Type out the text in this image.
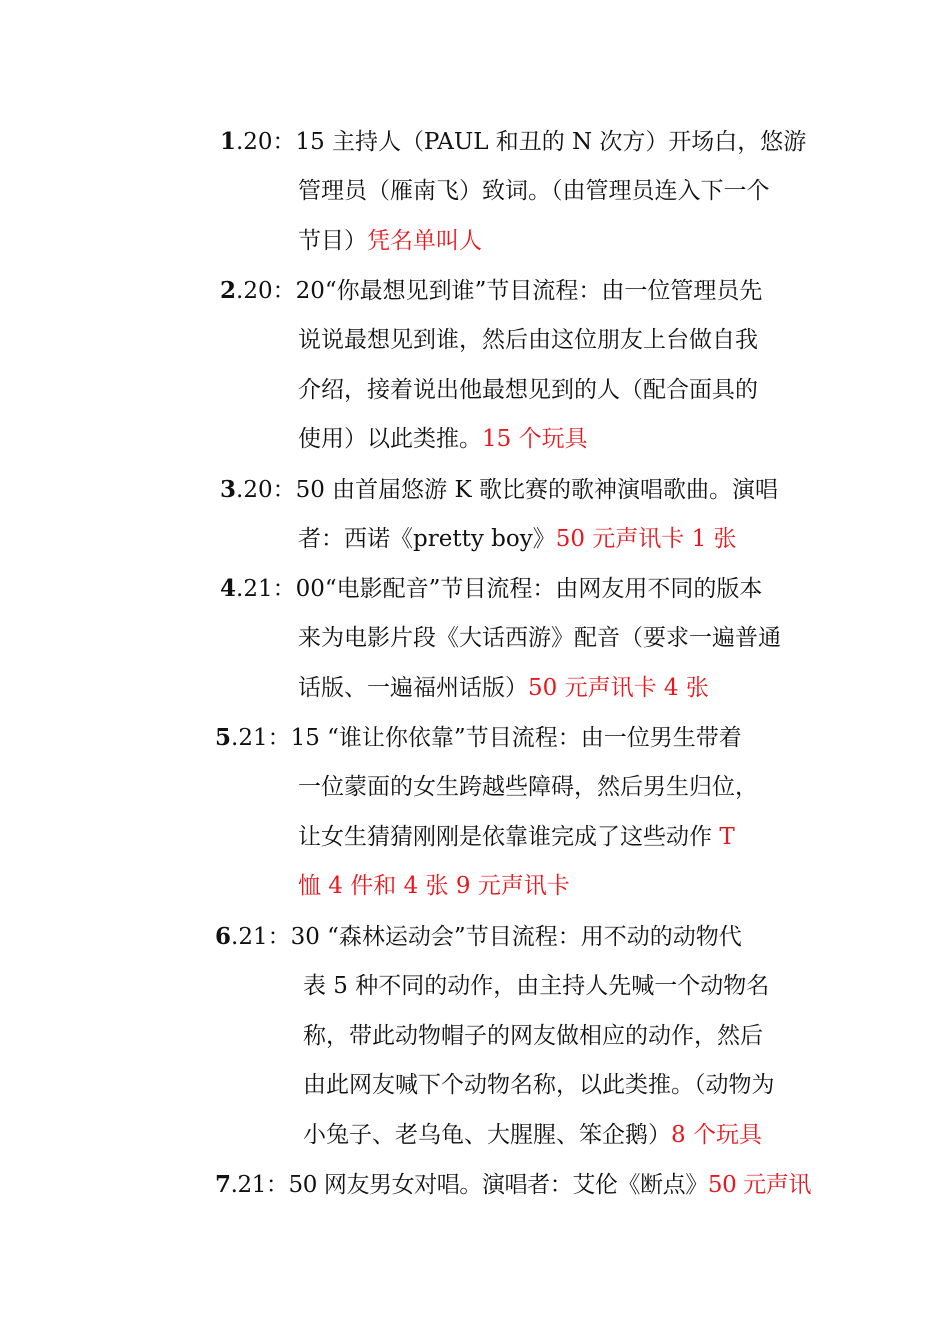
1.20：15 主持人（PAUL 和丑的 N 次方）开场白，悠游
管理员（雁南飞）致词。（由管理员连入下一个
节目）凭名单叫人
2.20：20“你最想见到谁”节目流程：由一位管理员先
说说最想见到谁，然后由这位朋友上台做自我
介绍，接着说出他最想见到的人（配合面具的
使用）以此类推。15 个玩具
3.20：50 由首届悠游 K 歌比赛的歌神演唱歌曲。演唱
者：西诺《pretty boy》50 元声讯卡 1 张
4.21：00“电影配音”节目流程：由网友用不同的版本
来为电影片段《大话西游》配音（要求一遍普通
话版、一遍福州话版）50 元声讯卡 4 张
5.21：15 “谁让你依靠”节目流程：由一位男生带着
一位蒙面的女生跨越些障碍，然后男生归位，
让女生猜猜刚刚是依靠谁完成了这些动作 T
恤 4 件和 4 张 9 元声讯卡
6.21：30 “森林运动会”节目流程：用不动的动物代
表 5 种不同的动作，由主持人先喊一个动物名
称，带此动物帽子的网友做相应的动作，然后
由此网友喊下个动物名称，以此类推。（动物为
小兔子、老乌龟、大腥腥、笨企鹅）8 个玩具
7.21：50 网友男女对唱。演唱者：艾伦《断点》50 元声讯
